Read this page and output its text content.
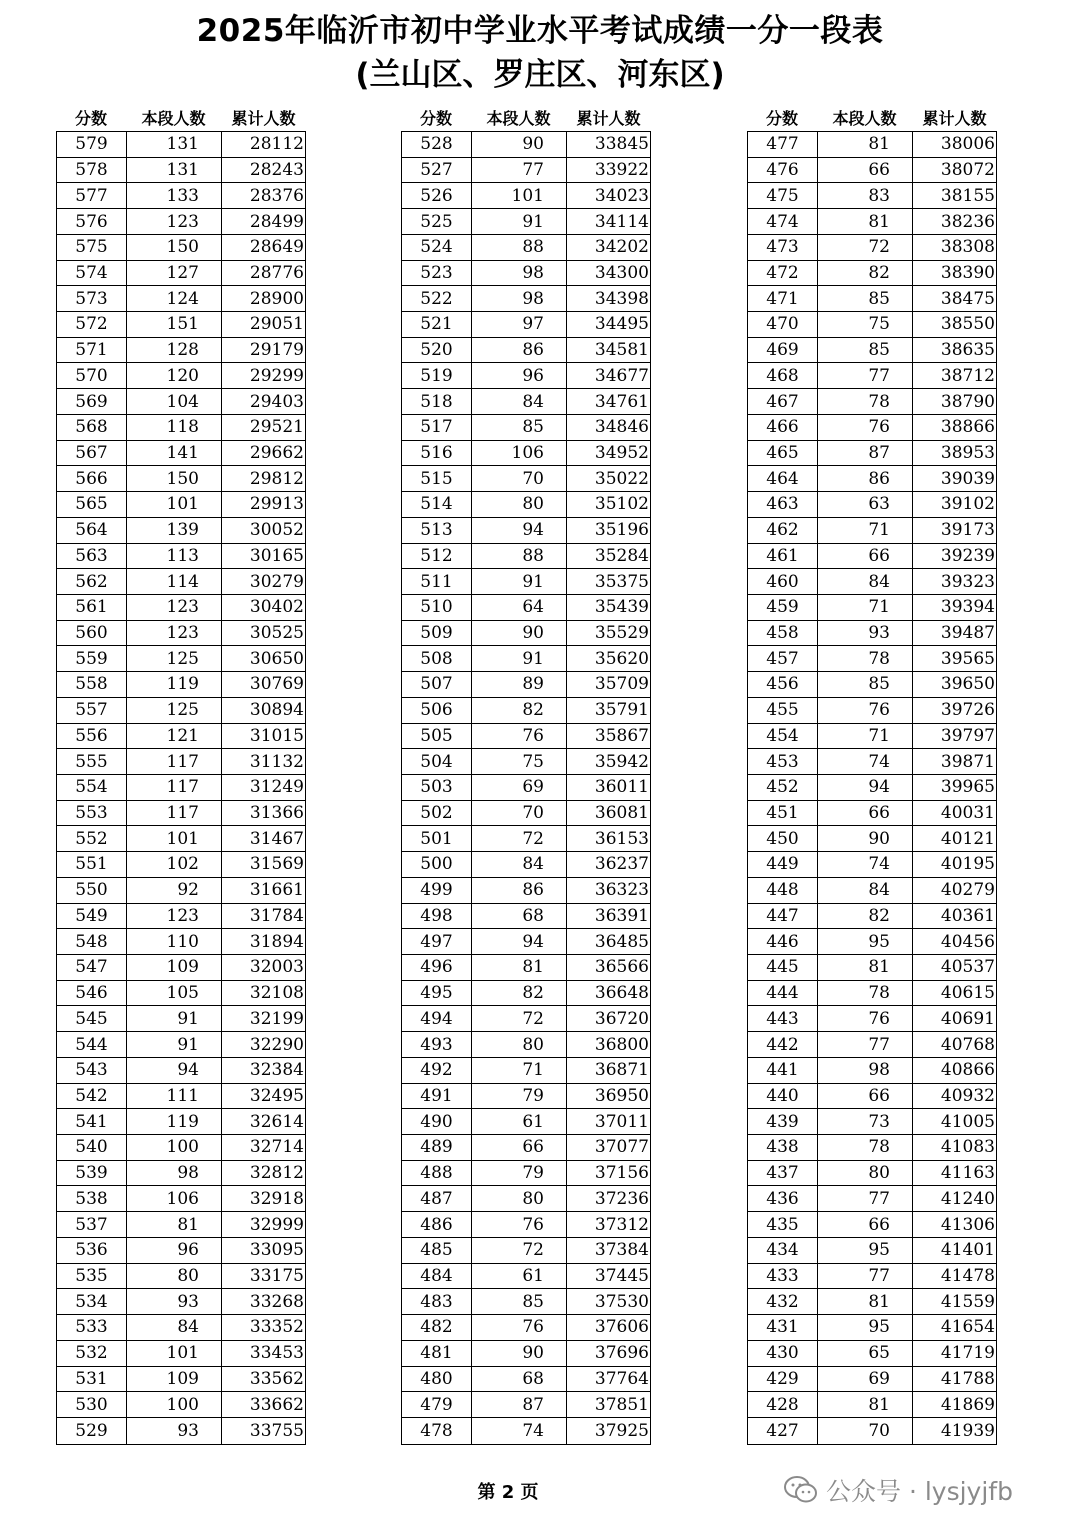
2025年临沂市初中学业水平考试成绩一分一段表
(兰山区、罗庄区、河东区)
分数	本段人数	累计人数
579	131	28112
578	131	28243
577	133	28376
576	123	28499
575	150	28649
574	127	28776
573	124	28900
572	151	29051
571	128	29179
570	120	29299
569	104	29403
568	118	29521
567	141	29662
566	150	29812
565	101	29913
564	139	30052
563	113	30165
562	114	30279
561	123	30402
560	123	30525
559	125	30650
558	119	30769
557	125	30894
556	121	31015
555	117	31132
554	117	31249
553	117	31366
552	101	31467
551	102	31569
550	92	31661
549	123	31784
548	110	31894
547	109	32003
546	105	32108
545	91	32199
544	91	32290
543	94	32384
542	111	32495
541	119	32614
540	100	32714
539	98	32812
538	106	32918
537	81	32999
536	96	33095
535	80	33175
534	93	33268
533	84	33352
532	101	33453
531	109	33562
530	100	33662
529	93	33755
分数	本段人数	累计人数
528	90	33845
527	77	33922
526	101	34023
525	91	34114
524	88	34202
523	98	34300
522	98	34398
521	97	34495
520	86	34581
519	96	34677
518	84	34761
517	85	34846
516	106	34952
515	70	35022
514	80	35102
513	94	35196
512	88	35284
511	91	35375
510	64	35439
509	90	35529
508	91	35620
507	89	35709
506	82	35791
505	76	35867
504	75	35942
503	69	36011
502	70	36081
501	72	36153
500	84	36237
499	86	36323
498	68	36391
497	94	36485
496	81	36566
495	82	36648
494	72	36720
493	80	36800
492	71	36871
491	79	36950
490	61	37011
489	66	37077
488	79	37156
487	80	37236
486	76	37312
485	72	37384
484	61	37445
483	85	37530
482	76	37606
481	90	37696
480	68	37764
479	87	37851
478	74	37925
分数	本段人数	累计人数
477	81	38006
476	66	38072
475	83	38155
474	81	38236
473	72	38308
472	82	38390
471	85	38475
470	75	38550
469	85	38635
468	77	38712
467	78	38790
466	76	38866
465	87	38953
464	86	39039
463	63	39102
462	71	39173
461	66	39239
460	84	39323
459	71	39394
458	93	39487
457	78	39565
456	85	39650
455	76	39726
454	71	39797
453	74	39871
452	94	39965
451	66	40031
450	90	40121
449	74	40195
448	84	40279
447	82	40361
446	95	40456
445	81	40537
444	78	40615
443	76	40691
442	77	40768
441	98	40866
440	66	40932
439	73	41005
438	78	41083
437	80	41163
436	77	41240
435	66	41306
434	95	41401
433	77	41478
432	81	41559
431	95	41654
430	65	41719
429	69	41788
428	81	41869
427	70	41939
第 2 页	公众号 · lysjyjfb
